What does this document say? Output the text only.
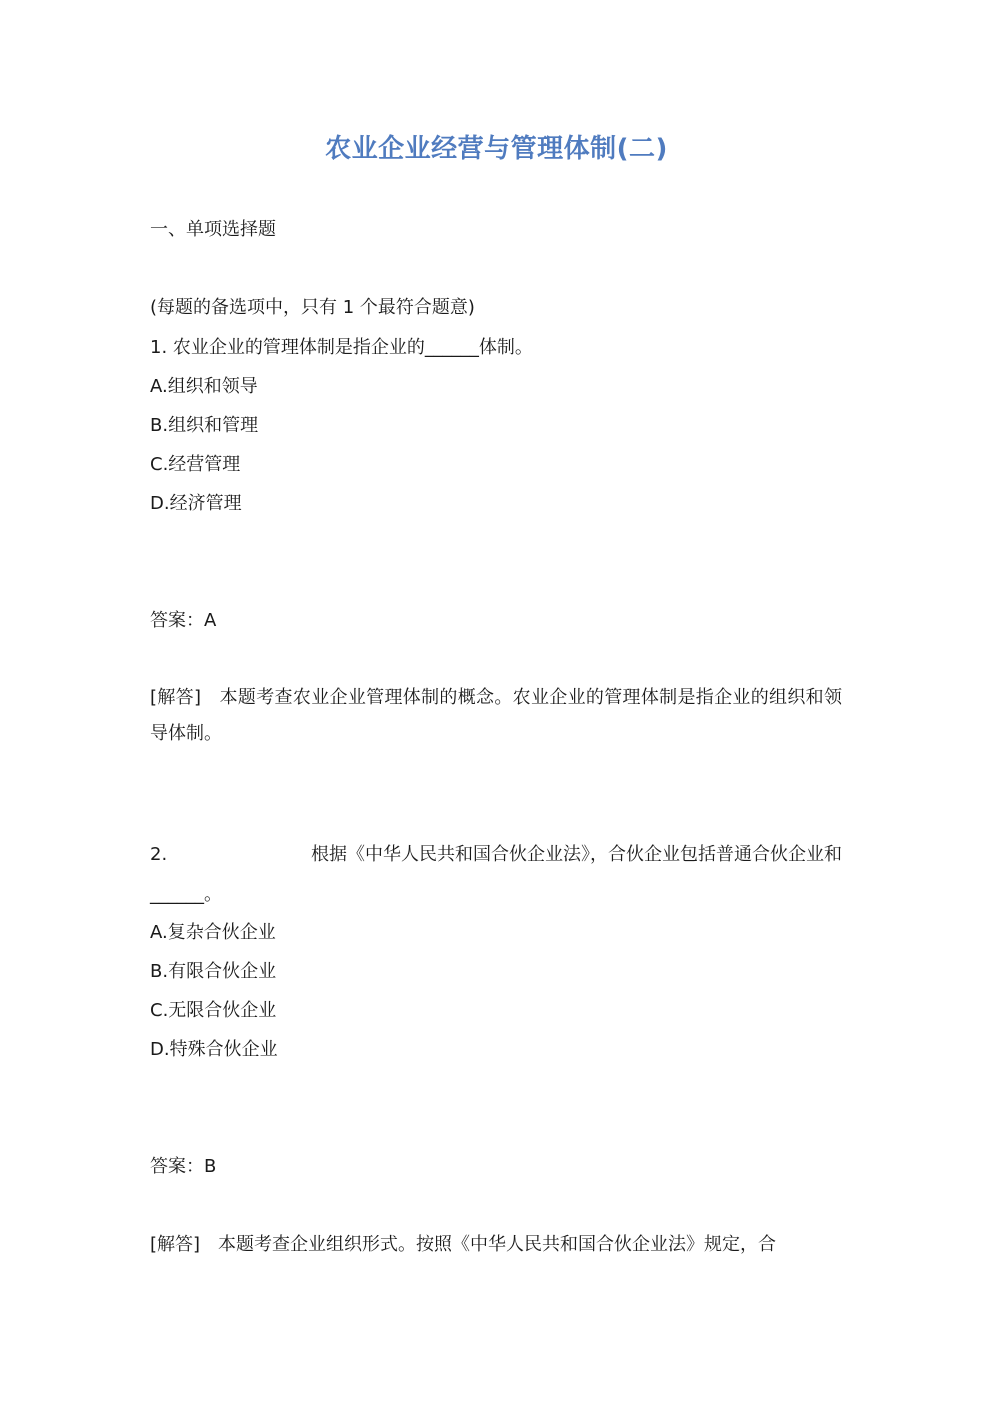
农业企业经营与管理体制(二)
一、单项选择题
(每题的备选项中，只有 1 个最符合题意)
1. 农业企业的管理体制是指企业的______体制。
A.组织和领导
B.组织和管理
C.经营管理
D.经济管理
答案：A
[解答]　本题考查农业企业管理体制的概念。农业企业的管理体制是指企业的组织和领导体制。
2.	根据《中华人民共和国合伙企业法》，合伙企业包括普通合伙企业和
______。
A.复杂合伙企业
B.有限合伙企业
C.无限合伙企业
D.特殊合伙企业
答案：B
[解答]　本题考查企业组织形式。按照《中华人民共和国合伙企业法》规定，合
